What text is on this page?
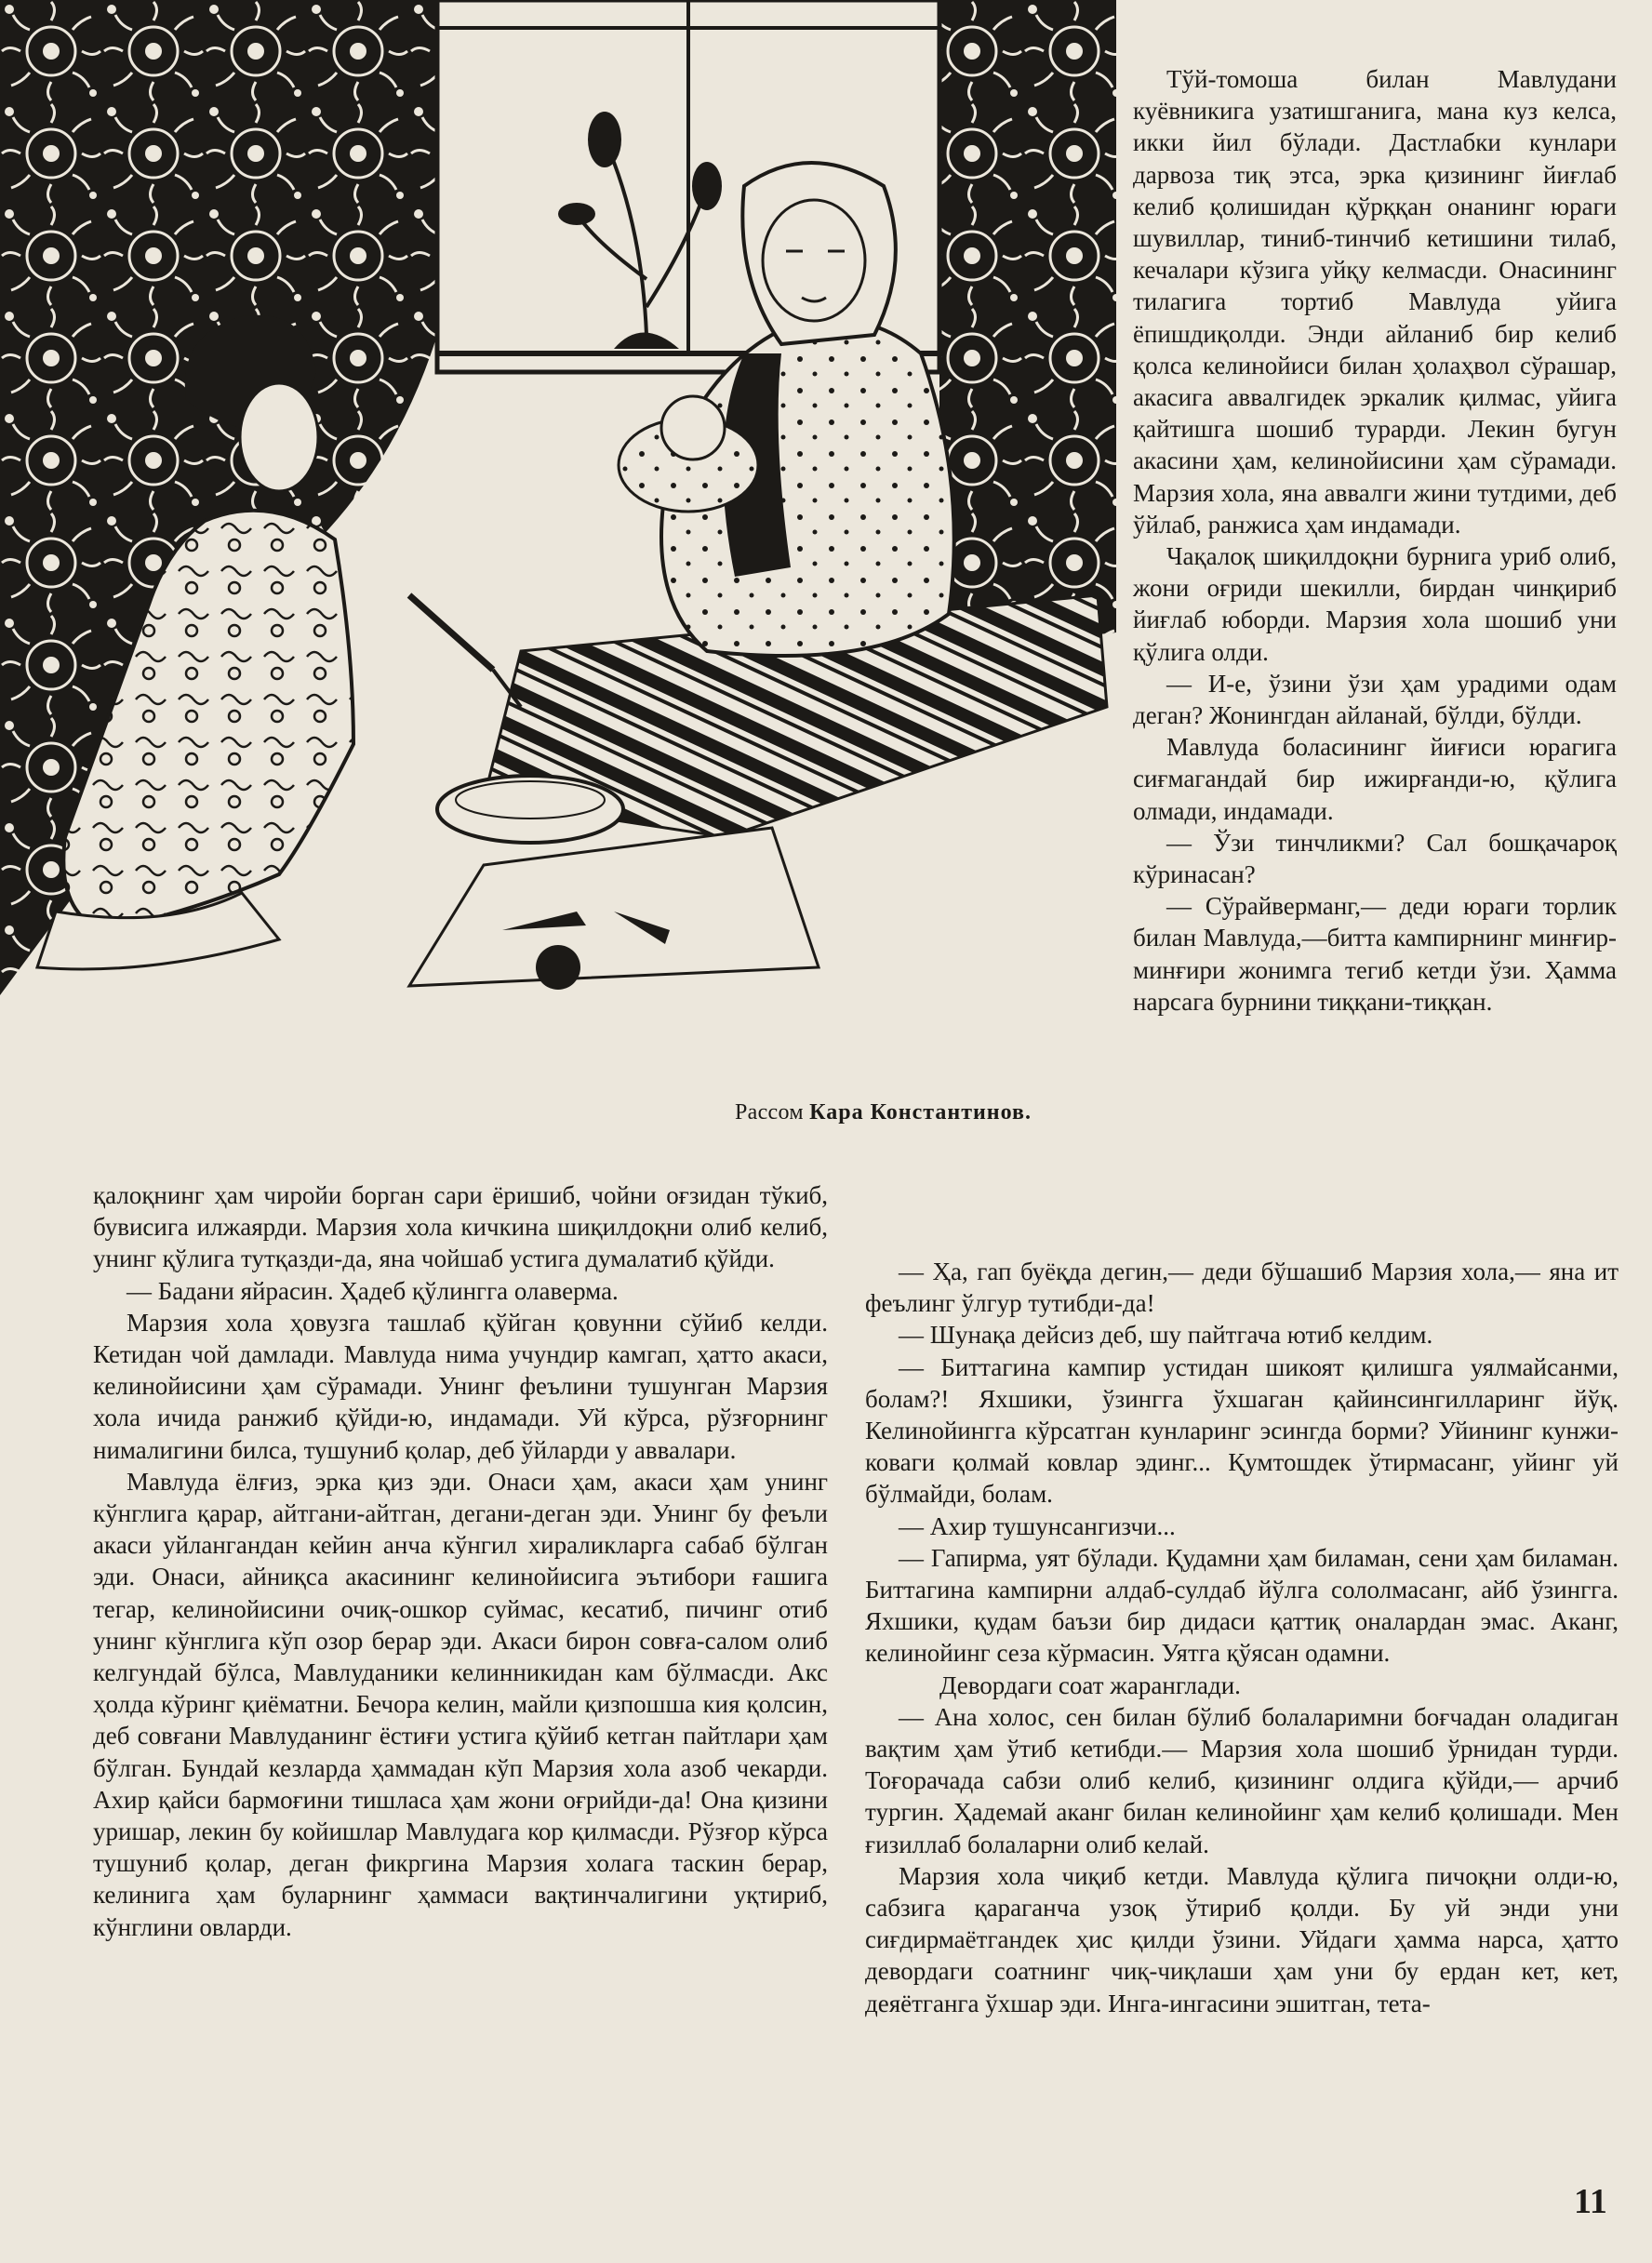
Рассом Кара Константинов.

Тўй-томоша билан Мавлудани куёвникига узатишганига, мана куз келса, икки йил бўлади. Дастлабки кунлари дарвоза тиқ этса, эрка қизининг йиғлаб келиб қолишидан қўрққан онанинг юраги шувиллар, тиниб-тинчиб кетишини тилаб, кечалари кўзига уйқу келмасди. Онасининг тилагига тортиб Мавлуда уйига ёпишдиқолди. Энди айланиб бир келиб қолса келинойиси билан ҳолаҳвол сўрашар, акасига аввалгидек эркалик қилмас, уйига қайтишга шошиб турарди. Лекин бугун акасини ҳам, келинойисини ҳам сўрамади. Марзия хола, яна аввалги жини тутдими, деб ўйлаб, ранжиса ҳам индамади.

Чақалоқ шиқилдоқни бурнига уриб олиб, жони оғриди шекилли, бирдан чинқириб йиғлаб юборди. Марзия хола шошиб уни қўлига олди.

— И-е, ўзини ўзи ҳам урадими одам деган? Жонингдан айланай, бўлди, бўлди.

Мавлуда боласининг йиғиси юрагига сиғмагандай бир ижирғанди-ю, қўлига олмади, индамади.

— Ўзи тинчликми? Сал бошқачароқ кўринасан?

— Сўрайверманг,— деди юраги торлик билан Мавлуда,—битта кампирнинг минғир-минғири жонимга тегиб кетди ўзи. Ҳамма нарсага бурнини тиққани-тиққан.

қалоқнинг ҳам чиройи борган сари ёришиб, чойни оғзидан тўкиб, бувисига илжаярди. Марзия хола кичкина шиқилдоқни олиб келиб, унинг қўлига тутқазди-да, яна чойшаб устига думалатиб қўйди.

— Бадани яйрасин. Ҳадеб қўлингга олаверма.

Марзия хола ҳовузга ташлаб қўйган қовунни сўйиб келди. Кетидан чой дамлади. Мавлуда нима учундир камгап, ҳатто акаси, келинойисини ҳам сўрамади. Унинг феълини тушунган Марзия хола ичида ранжиб қўйди-ю, индамади. Уй кўрса, рўзғорнинг нималигини билса, тушуниб қолар, деб ўйларди у аввалари.

Мавлуда ёлғиз, эрка қиз эди. Онаси ҳам, акаси ҳам унинг кўнглига қарар, айтгани-айтган, дегани-деган эди. Унинг бу феъли акаси уйлангандан кейин анча кўнгил хираликларга сабаб бўлган эди. Онаси, айниқса акасининг келинойисига эътибори ғашига тегар, келинойисини очиқ-ошкор суймас, кесатиб, пичинг отиб унинг кўнглига кўп озор берар эди. Акаси бирон совға-салом олиб келгундай бўлса, Мавлуданики келинникидан кам бўлмасди. Акс ҳолда кўринг қиёматни. Бечора келин, майли қизпошша кия қолсин, деб совғани Мавлуданинг ёстиғи устига қўйиб кетган пайтлари ҳам бўлган. Бундай кезларда ҳаммадан кўп Марзия хола азоб чекарди. Ахир қайси бармоғини тишласа ҳам жони оғрийди-да! Она қизини уришар, лекин бу койишлар Мавлудага кор қилмасди. Рўзғор кўрса тушуниб қолар, деган фикргина Марзия холага таскин берар, келинига ҳам буларнинг ҳаммаси вақтинчалигини уқтириб, кўнглини овларди.

— Ҳа, гап буёқда дегин,— деди бўшашиб Марзия хола,— яна ит феълинг ўлгур тутибди-да!

— Шунақа дейсиз деб, шу пайтгача ютиб келдим.

— Биттагина кампир устидан шикоят қилишга уялмайсанми, болам?! Яхшики, ўзингга ўхшаган қайинсингилларинг йўқ. Келинойингга кўрсатган кунларинг эсингда борми? Уйининг кунжи-коваги қолмай ковлар эдинг... Қумтошдек ўтирмасанг, уйинг уй бўлмайди, болам.

— Ахир тушунсангизчи...

— Гапирма, уят бўлади. Қудамни ҳам биламан, сени ҳам биламан. Биттагина кампирни алдаб-сулдаб йўлга сололмасанг, айб ўзингга. Яхшики, қудам баъзи бир дидаси қаттиқ оналардан эмас. Аканг, келинойинг сеза кўрмасин. Уятга қўясан одамни.

Девордаги соат жаранглади.

— Ана холос, сен билан бўлиб болаларимни боғчадан оладиган вақтим ҳам ўтиб кетибди.— Марзия хола шошиб ўрнидан турди. Тоғорачада сабзи олиб келиб, қизининг олдига қўйди,— арчиб тургин. Ҳадемай аканг билан келинойинг ҳам келиб қолишади. Мен ғизиллаб болаларни олиб келай.

Марзия хола чиқиб кетди. Мавлуда қўлига пичоқни олди-ю, сабзига қараганча узоқ ўтириб қолди. Бу уй энди уни сиғдирмаётгандек ҳис қилди ўзини. Уйдаги ҳамма нарса, ҳатто девордаги соатнинг чиқ-чиқлаши ҳам уни бу ердан кет, кет, деяётганга ўхшар эди. Инга-ингасини эшитган, тета-

11
